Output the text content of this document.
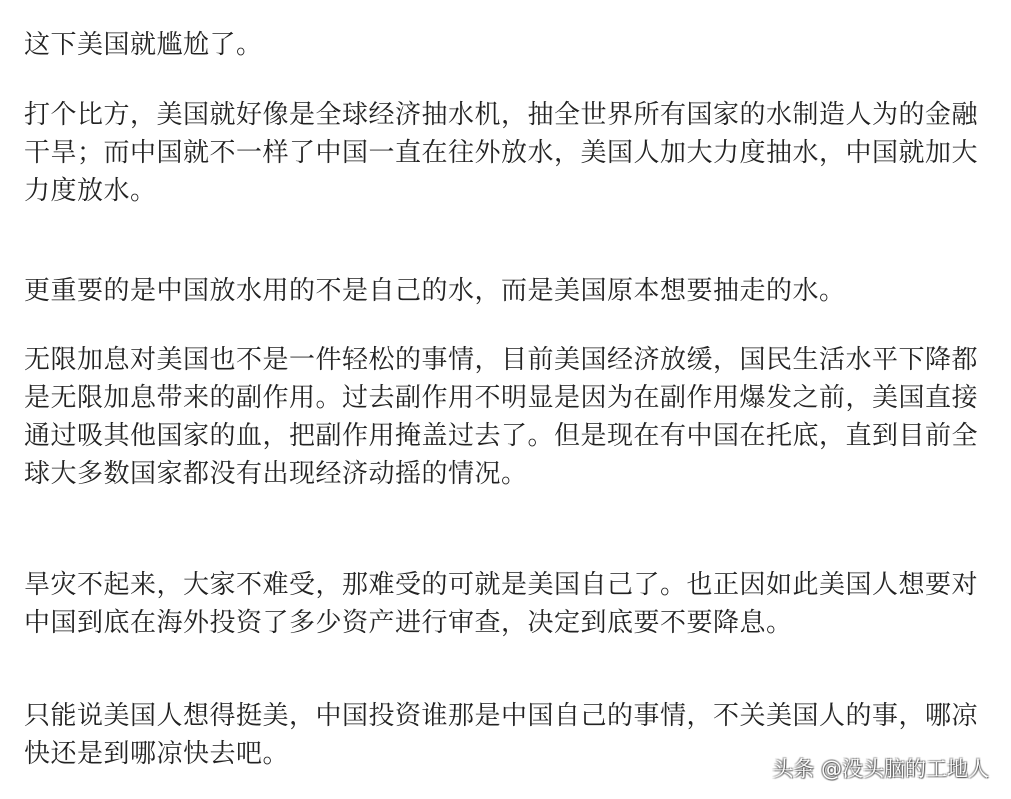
这下美国就尴尬了。

打个比方，美国就好像是全球经济抽水机，抽全世界所有国家的水制造人为的金融干旱；而中国就不一样了中国一直在往外放水，美国人加大力度抽水，中国就加大力度放水。

更重要的是中国放水用的不是自己的水，而是美国原本想要抽走的水。

无限加息对美国也不是一件轻松的事情，目前美国经济放缓，国民生活水平下降都是无限加息带来的副作用。过去副作用不明显是因为在副作用爆发之前，美国直接通过吸其他国家的血，把副作用掩盖过去了。但是现在有中国在托底，直到目前全球大多数国家都没有出现经济动摇的情况。

旱灾不起来，大家不难受，那难受的可就是美国自己了。也正因如此美国人想要对中国到底在海外投资了多少资产进行审查，决定到底要不要降息。

只能说美国人想得挺美，中国投资谁那是中国自己的事情，不关美国人的事，哪凉快还是到哪凉快去吧。	头条 @没头脑的工地人
